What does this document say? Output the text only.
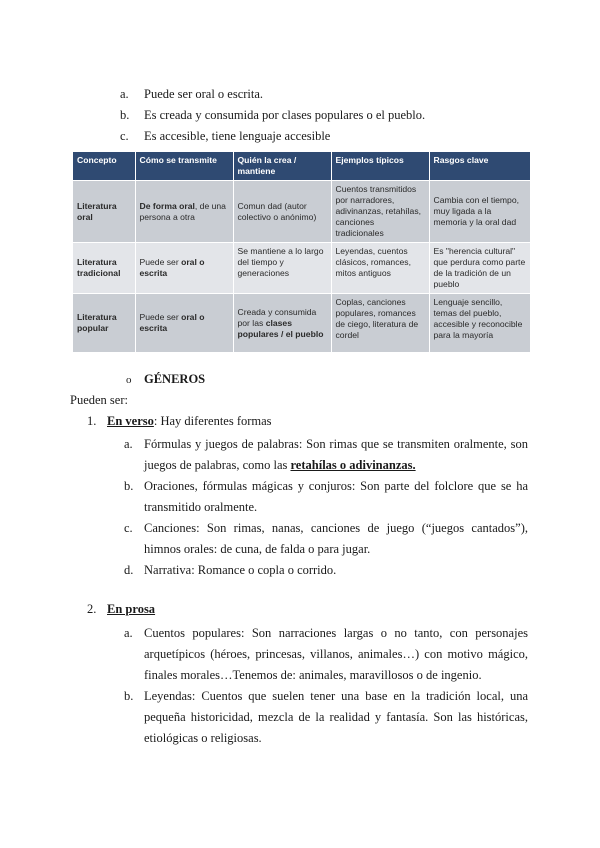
a.	Puede ser oral o escrita.
b.	Es creada y consumida por clases populares o el pueblo.
c.	Es accesible, tiene lenguaje accesible
Concepto	Cómo se transmite	Quién la crea / mantiene	Ejemplos típicos	Rasgos clave
Literatura oral	De forma oral, de una persona a otra	Comun dad (autor colectivo o anónimo)	Cuentos transmitidos por narradores, adivinanzas, retahílas, canciones tradicionales	Cambia con el tiempo, muy ligada a la memoria y la oral dad
Literatura tradicional	Puede ser oral o escrita	Se mantiene a lo largo del tiempo y generaciones	Leyendas, cuentos clásicos, romances, mitos antiguos	Es "herencia cultural" que perdura como parte de la tradición de un pueblo
Literatura popular	Puede ser oral o escrita	Creada y consumida por las clases populares / el pueblo	Coplas, canciones populares, romances de ciego, literatura de cordel	Lenguaje sencillo, temas del pueblo, accesible y reconocible para la mayoría
o	GÉNEROS
Pueden ser:
1. En verso : Hay diferentes formas
a. Fórmulas y juegos de palabras: Son rimas que se transmiten oralmente, son juegos de palabras, como las retahílas o adivinanzas.
b. Oraciones, fórmulas mágicas y conjuros: Son parte del folclore que se ha transmitido oralmente.
c. Canciones: Son rimas, nanas, canciones de juego (“juegos cantados”), himnos orales: de cuna, de falda o para jugar.
d. Narrativa: Romance o copla o corrido.
2. En prosa
a. Cuentos populares: Son narraciones largas o no tanto, con personajes arquetípicos (héroes, princesas, villanos, animales…) con motivo mágico, finales morales…Tenemos de: animales, maravillosos o de ingenio.
b. Leyendas: Cuentos que suelen tener una base en la tradición local, una pequeña historicidad, mezcla de la realidad y fantasía. Son las históricas, etiológicas o religiosas.
